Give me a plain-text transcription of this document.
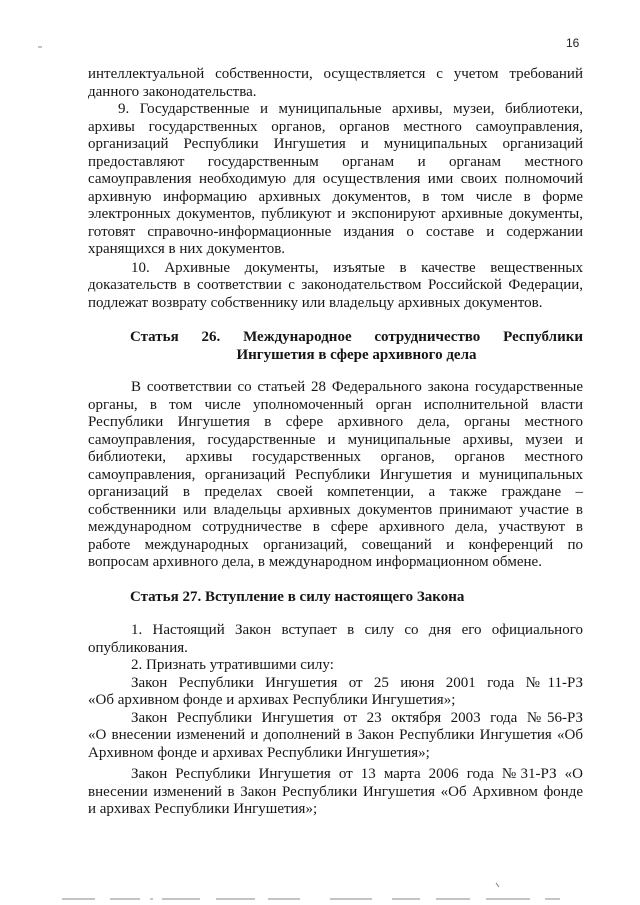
16
интеллектуальной собственности, осуществляется с учетом требований
данного законодательства.
9. Государственные и муниципальные архивы, музеи, библиотеки,
архивы государственных органов, органов местного самоуправления,
организаций Республики Ингушетия и муниципальных организаций
предоставляют государственным органам и органам местного
самоуправления необходимую для осуществления ими своих полномочий
архивную информацию архивных документов, в том числе в форме
электронных документов, публикуют и экспонируют архивные документы,
готовят справочно-информационные издания о составе и содержании
хранящихся в них документов.
10. Архивные документы, изъятые в качестве вещественных
доказательств в соответствии с законодательством Российской Федерации,
подлежат возврату собственнику или владельцу архивных документов.
Статья 26. Международное сотрудничество Республики
Ингушетия в сфере архивного дела
В соответствии со статьей 28 Федерального закона государственные
органы, в том числе уполномоченный орган исполнительной власти
Республики Ингушетия в сфере архивного дела, органы местного
самоуправления, государственные и муниципальные архивы, музеи и
библиотеки, архивы государственных органов, органов местного
самоуправления, организаций Республики Ингушетия и муниципальных
организаций в пределах своей компетенции, а также граждане –
собственники или владельцы архивных документов принимают участие в
международном сотрудничестве в сфере архивного дела, участвуют в
работе международных организаций, совещаний и конференций по
вопросам архивного дела, в международном информационном обмене.
Статья 27. Вступление в силу настоящего Закона
1. Настоящий Закон вступает в силу со дня его официального
опубликования.
2. Признать утратившими силу:
Закон Республики Ингушетия от 25 июня 2001 года №11-РЗ
«Об архивном фонде и архивах Республики Ингушетия»;
Закон Республики Ингушетия от 23 октября 2003 года №56-РЗ
«О внесении изменений и дополнений в Закон Республики Ингушетия «Об
Архивном фонде и архивах Республики Ингушетия»;
Закон Республики Ингушетия от 13 марта 2006 года №31-РЗ «О
внесении изменений в Закон Республики Ингушетия «Об Архивном фонде
и архивах Республики Ингушетия»;
